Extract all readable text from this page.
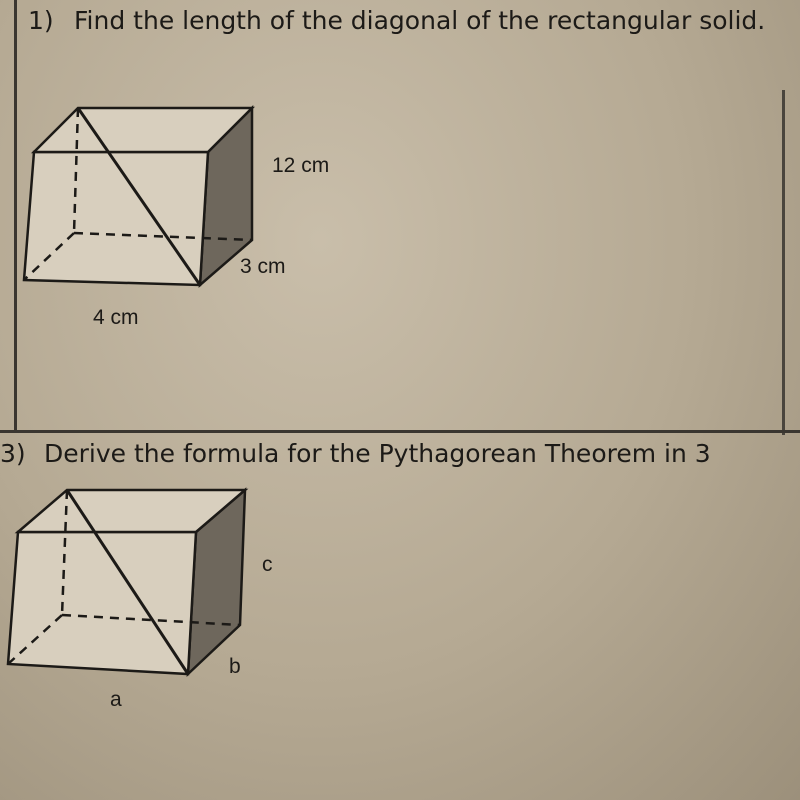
1) Find the length of the diagonal of the rectangular solid.
12 cm
3 cm
4 cm
3) Derive the formula for the Pythagorean Theorem in 3
c
b
a
